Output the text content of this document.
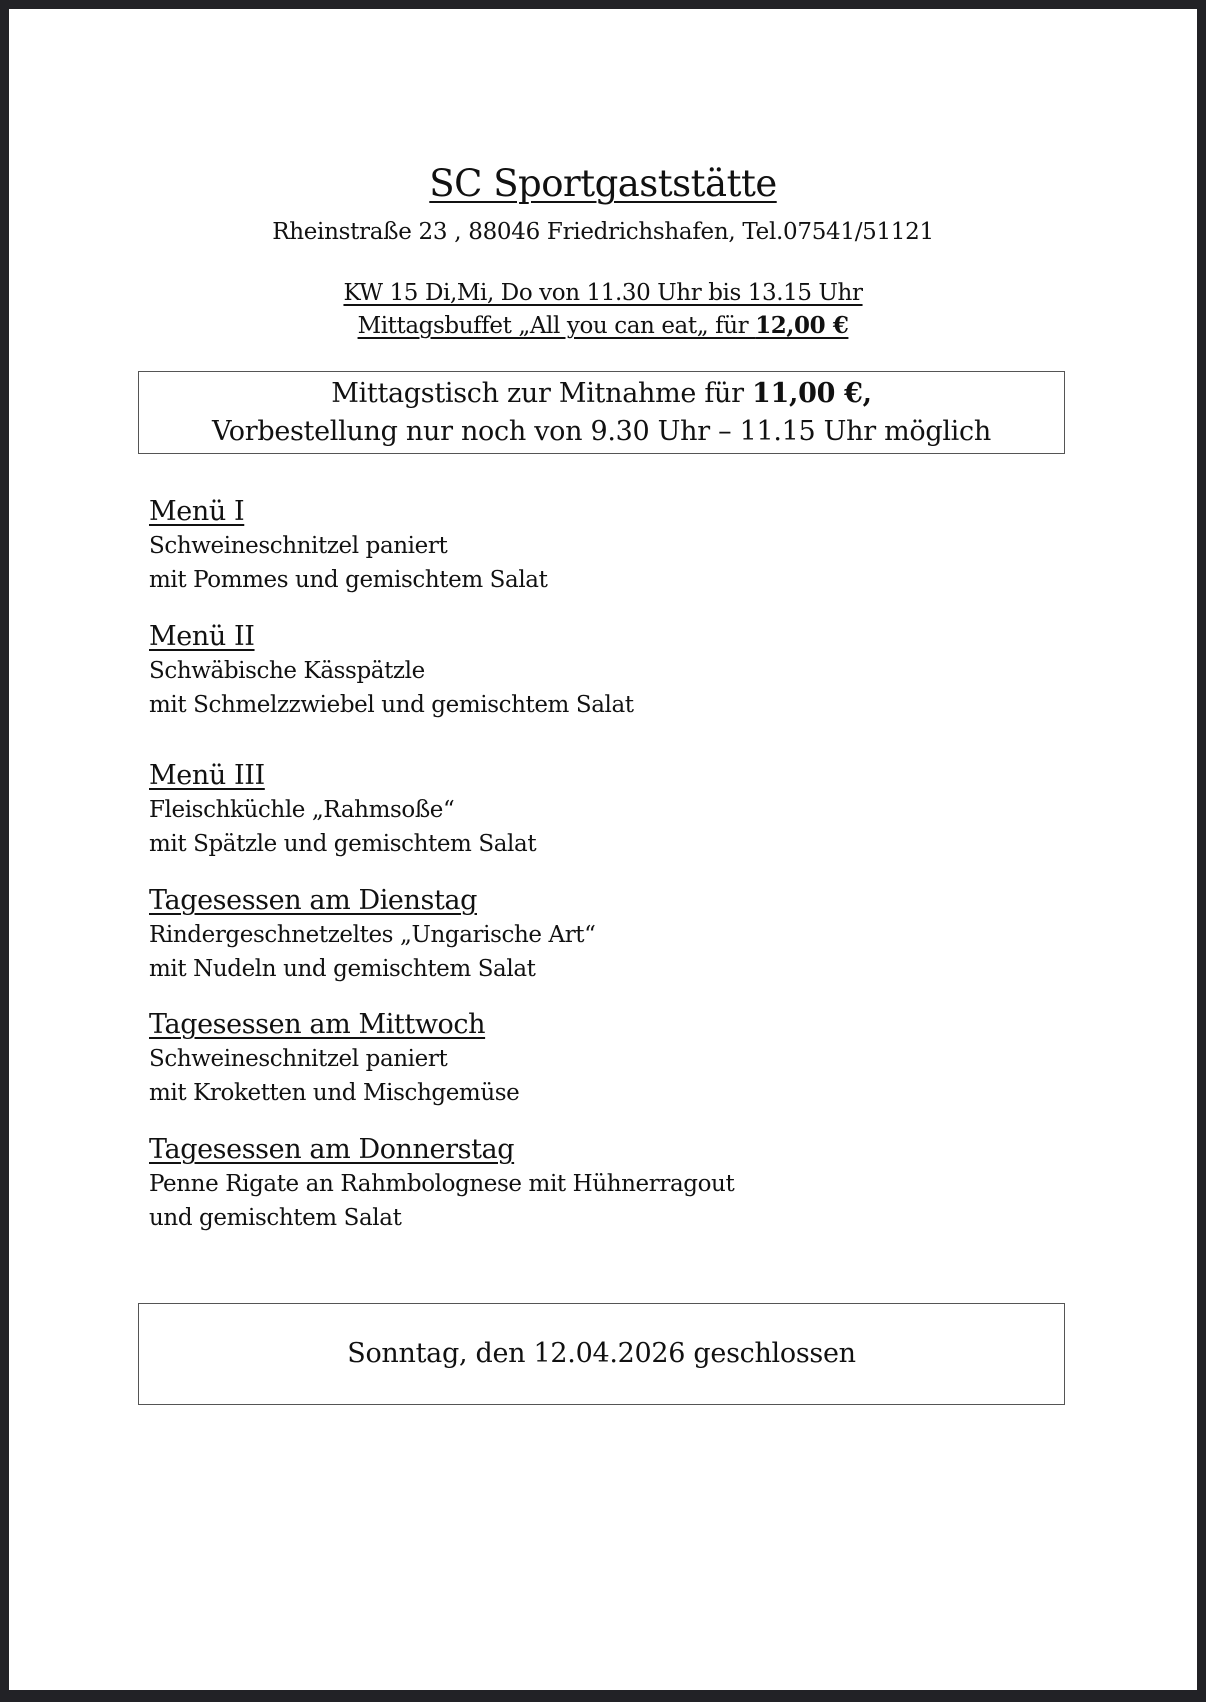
SC Sportgaststätte
Rheinstraße 23 , 88046 Friedrichshafen, Tel.07541/51121
KW 15 Di,Mi, Do von 11.30 Uhr bis 13.15 Uhr
Mittagsbuffet „All you can eat„ für 12,00 €
Mittagstisch zur Mitnahme für 11,00 €,
Vorbestellung nur noch von 9.30 Uhr – 11.15 Uhr möglich
Menü I
Schweineschnitzel paniert
mit Pommes und gemischtem Salat
Menü II
Schwäbische Kässpätzle
mit Schmelzzwiebel und gemischtem Salat
Menü III
Fleischküchle „Rahmsoße“
mit Spätzle und gemischtem Salat
Tagesessen am Dienstag
Rindergeschnetzeltes „Ungarische Art“
mit Nudeln und gemischtem Salat
Tagesessen am Mittwoch
Schweineschnitzel paniert
mit Kroketten und Mischgemüse
Tagesessen am Donnerstag
Penne Rigate an Rahmbolognese mit Hühnerragout
und gemischtem Salat
Sonntag, den 12.04.2026 geschlossen
